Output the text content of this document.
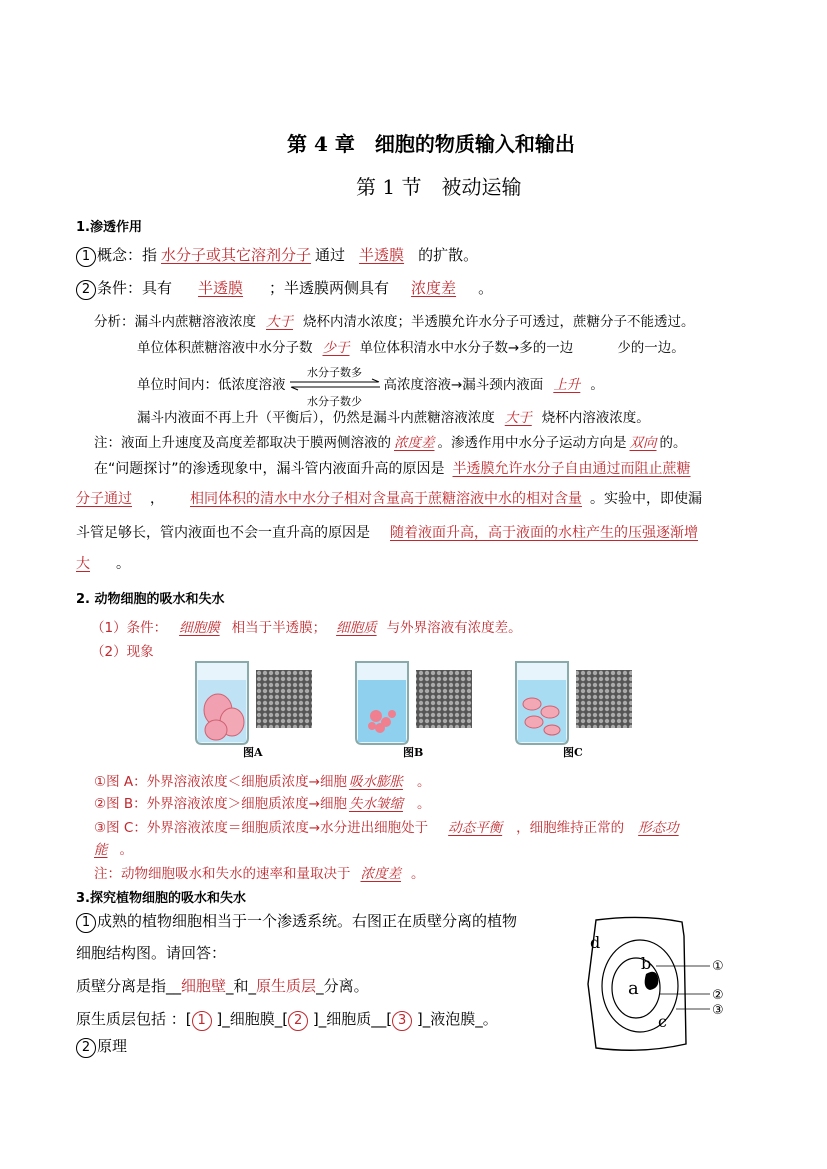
第 4 章　细胞的物质输入和输出
第 1 节　被动运输
1.渗透作用
1 概念：指 水分子或其它溶剂分子 通过 半透膜 的扩散。
2 条件：具有 半透膜 ；半透膜两侧具有 浓度差 。
分析：漏斗内蔗糖溶液浓度 大于 烧杯内清水浓度；半透膜允许水分子可透过，蔗糖分子不能透过。
单位体积蔗糖溶液中水分子数 少于 单位体积清水中水分子数→多的一边	少的一边。
单位时间内：低浓度溶液
水分子数多
水分子数少
高浓度溶液→漏斗颈内液面 上升 。
漏斗内液面不再上升（平衡后），仍然是漏斗内蔗糖溶液浓度 大于 烧杯内溶液浓度。
注：液面上升速度及高度差都取决于膜两侧溶液的 浓度差 。渗透作用中水分子运动方向是 双向 的。
在“问题探讨”的渗透现象中，漏斗管内液面升高的原因是 半透膜允许水分子自由通过而阻止蔗糖
分子通过 ， 相同体积的清水中水分子相对含量高于蔗糖溶液中水的相对含量 。实验中，即使漏
斗管足够长，管内液面也不会一直升高的原因是 随着液面升高，高于液面的水柱产生的压强逐渐增
大 。
2. 动物细胞的吸水和失水
（1）条件： 细胞膜 相当于半透膜； 细胞质 与外界溶液有浓度差。
（2）现象
图A	图B	图C
①图 A：外界溶液浓度＜细胞质浓度→细胞 吸水膨胀 。
②图 B：外界溶液浓度＞细胞质浓度→细胞 失水皱缩 。
③图 C：外界溶液浓度＝细胞质浓度→水分进出细胞处于 动态平衡 ，细胞维持正常的 形态功
能 。
注：动物细胞吸水和失水的速率和量取决于 浓度差 。
3.探究植物细胞的吸水和失水
1 成熟的植物细胞相当于一个渗透系统。右图正在质壁分离的植物
细胞结构图。请回答：
质壁分离是指__细胞壁_和_原生质层_分离。
原生质层包括 ：[ 1 ]_细胞膜_[ 2 ]_细胞质__[ 3 ]_液泡膜_。
2 原理
d
b
a
c
①
②
③
